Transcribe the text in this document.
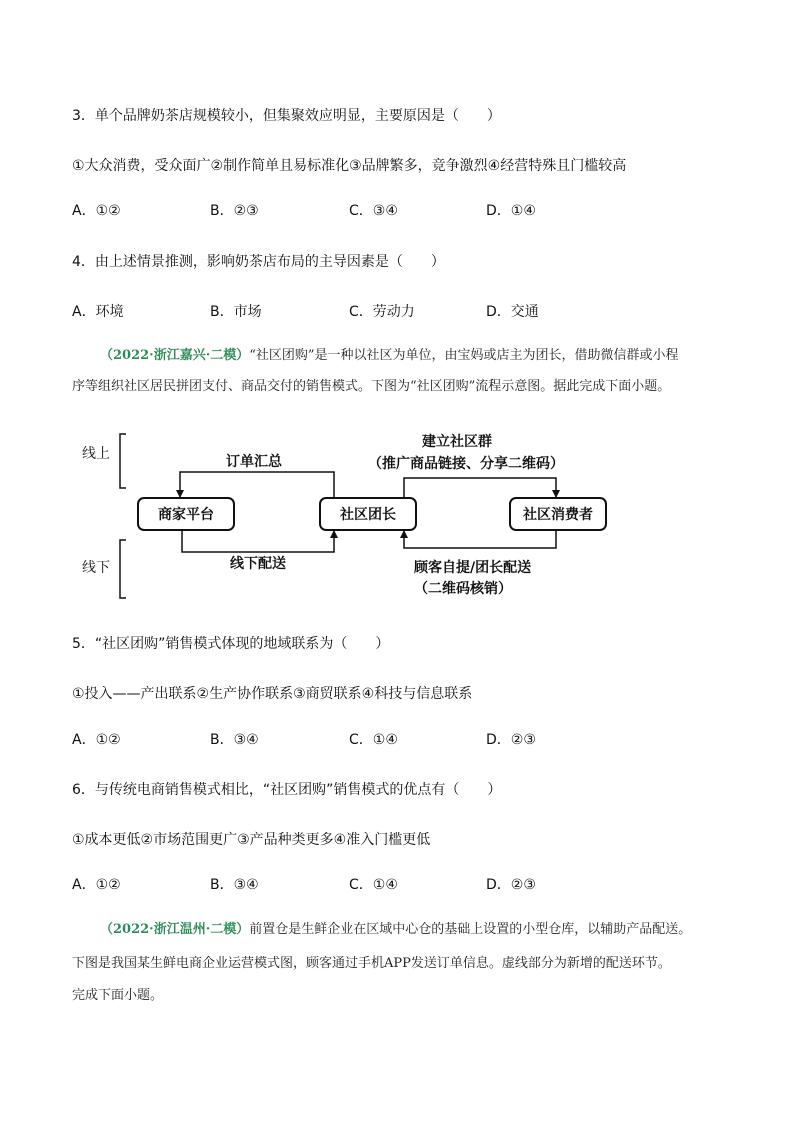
3．单个品牌奶茶店规模较小，但集聚效应明显，主要原因是（　　）
①大众消费，受众面广②制作简单且易标准化③品牌繁多，竞争激烈④经营特殊且门槛较高
A．①②	B．②③	C．③④	D．①④
4．由上述情景推测，影响奶茶店布局的主导因素是（　　）
A．环境	B．市场	C．劳动力	D．交通

（2022·浙江嘉兴·二模）“社区团购”是一种以社区为单位，由宝妈或店主为团长，借助微信群或小程

序等组织社区居民拼团支付、商品交付的销售模式。下图为“社区团购”流程示意图。据此完成下面小题。

线上
线下
商家平台	社区团长	社区消费者
订单汇总
建立社区群
（推广商品链接、分享二维码）
线下配送	顾客自提/团长配送
（二维码核销）
5．“社区团购”销售模式体现的地域联系为（　　）
①投入——产出联系②生产协作联系③商贸联系④科技与信息联系
A．①②	B．③④	C．①④	D．②③
6．与传统电商销售模式相比，“社区团购”销售模式的优点有（　　）
①成本更低②市场范围更广③产品种类更多④准入门槛更低
A．①②	B．③④	C．①④	D．②③

（2022·浙江温州·二模）前置仓是生鲜企业在区域中心仓的基础上设置的小型仓库，以辅助产品配送。

下图是我国某生鲜电商企业运营模式图，顾客通过手机APP发送订单信息。虚线部分为新增的配送环节。

完成下面小题。
